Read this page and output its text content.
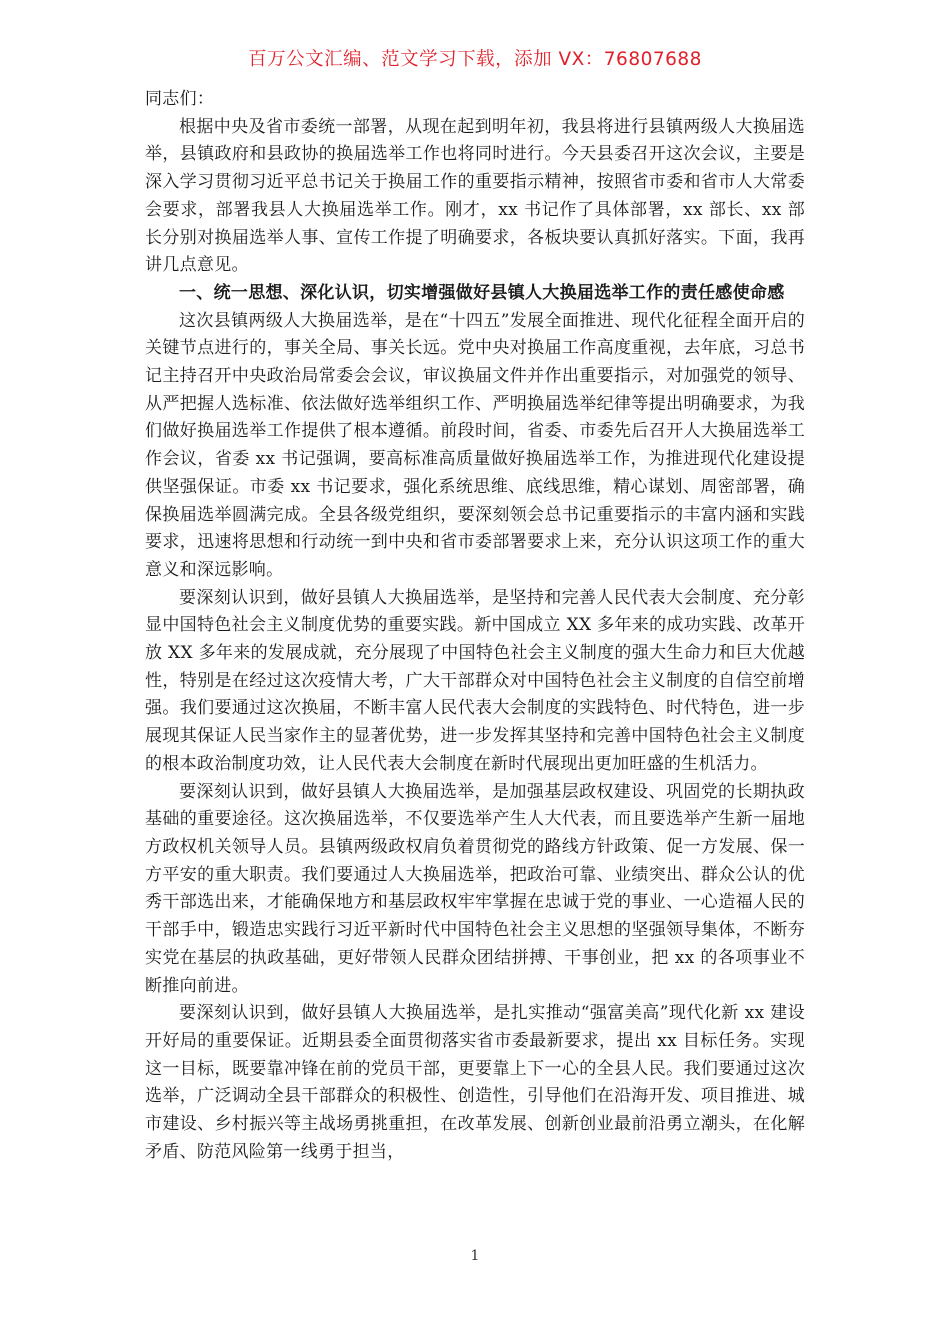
百万公文汇编、范文学习下载，添加 VX：76807688

同志们：

根据中央及省市委统一部署，从现在起到明年初，我县将进行县镇两级人大换届选举，县镇政府和县政协的换届选举工作也将同时进行。今天县委召开这次会议，主要是深入学习贯彻习近平总书记关于换届工作的重要指示精神，按照省市委和省市人大常委会要求，部署我县人大换届选举工作。刚才，xx 书记作了具体部署，xx 部长、xx 部长分别对换届选举人事、宣传工作提了明确要求，各板块要认真抓好落实。下面，我再讲几点意见。

一、统一思想、深化认识，切实增强做好县镇人大换届选举工作的责任感使命感

这次县镇两级人大换届选举，是在“十四五”发展全面推进、现代化征程全面开启的关键节点进行的，事关全局、事关长远。党中央对换届工作高度重视，去年底，习总书记主持召开中央政治局常委会会议，审议换届文件并作出重要指示，对加强党的领导、从严把握人选标准、依法做好选举组织工作、严明换届选举纪律等提出明确要求，为我们做好换届选举工作提供了根本遵循。前段时间，省委、市委先后召开人大换届选举工作会议，省委 xx 书记强调，要高标准高质量做好换届选举工作，为推进现代化建设提供坚强保证。市委 xx 书记要求，强化系统思维、底线思维，精心谋划、周密部署，确保换届选举圆满完成。全县各级党组织，要深刻领会总书记重要指示的丰富内涵和实践要求，迅速将思想和行动统一到中央和省市委部署要求上来，充分认识这项工作的重大意义和深远影响。

要深刻认识到，做好县镇人大换届选举，是坚持和完善人民代表大会制度、充分彰显中国特色社会主义制度优势的重要实践。新中国成立 XX 多年来的成功实践、改革开放 XX 多年来的发展成就，充分展现了中国特色社会主义制度的强大生命力和巨大优越性，特别是在经过这次疫情大考，广大干部群众对中国特色社会主义制度的自信空前增强。我们要通过这次换届，不断丰富人民代表大会制度的实践特色、时代特色，进一步展现其保证人民当家作主的显著优势，进一步发挥其坚持和完善中国特色社会主义制度的根本政治制度功效，让人民代表大会制度在新时代展现出更加旺盛的生机活力。

要深刻认识到，做好县镇人大换届选举，是加强基层政权建设、巩固党的长期执政基础的重要途径。这次换届选举，不仅要选举产生人大代表，而且要选举产生新一届地方政权机关领导人员。县镇两级政权肩负着贯彻党的路线方针政策、促一方发展、保一方平安的重大职责。我们要通过人大换届选举，把政治可靠、业绩突出、群众公认的优秀干部选出来，才能确保地方和基层政权牢牢掌握在忠诚于党的事业、一心造福人民的干部手中，锻造忠实践行习近平新时代中国特色社会主义思想的坚强领导集体，不断夯实党在基层的执政基础，更好带领人民群众团结拼搏、干事创业，把 xx 的各项事业不断推向前进。

要深刻认识到，做好县镇人大换届选举，是扎实推动“强富美高”现代化新 xx 建设开好局的重要保证。近期县委全面贯彻落实省市委最新要求，提出 xx 目标任务。实现这一目标，既要靠冲锋在前的党员干部，更要靠上下一心的全县人民。我们要通过这次选举，广泛调动全县干部群众的积极性、创造性，引导他们在沿海开发、项目推进、城市建设、乡村振兴等主战场勇挑重担，在改革发展、创新创业最前沿勇立潮头，在化解矛盾、防范风险第一线勇于担当，

1
